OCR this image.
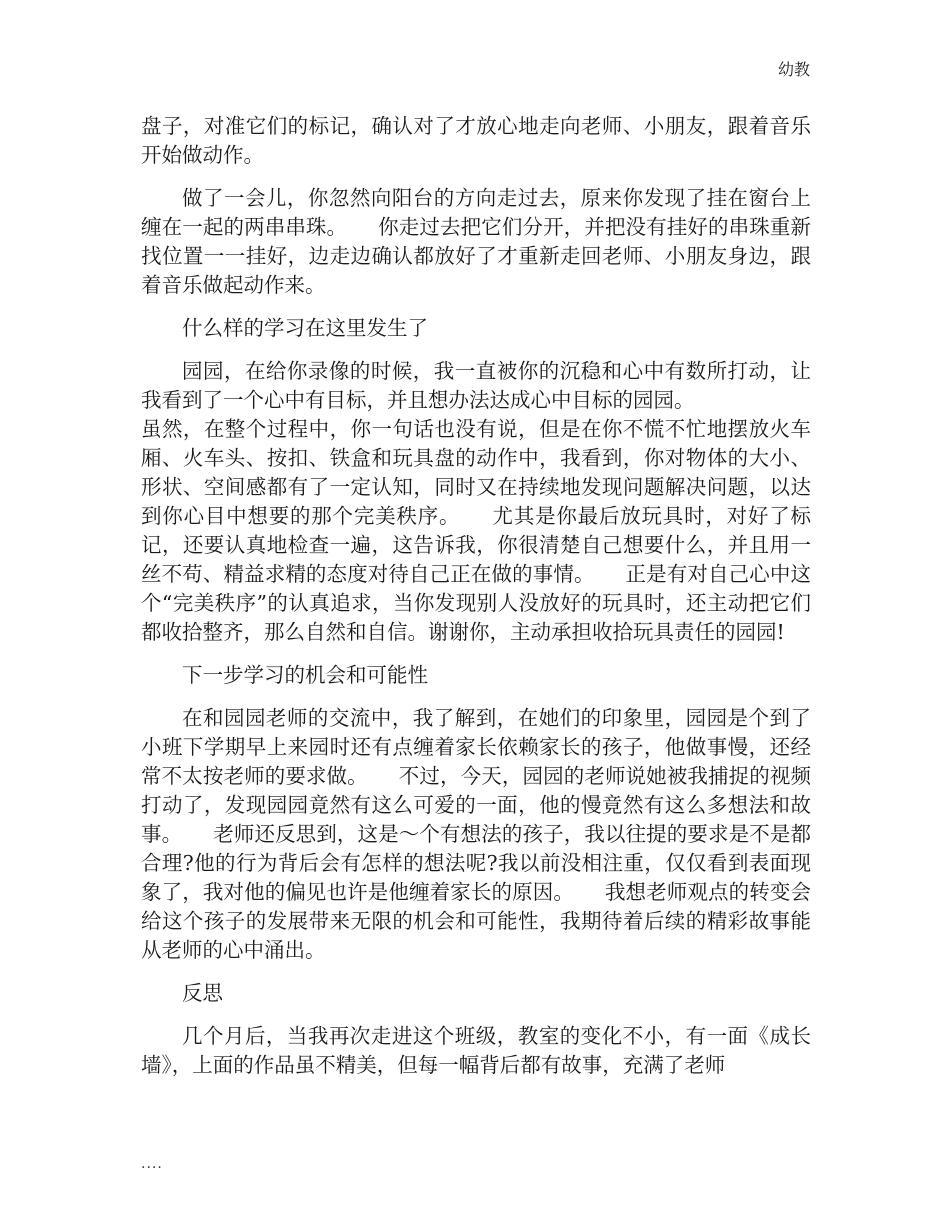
幼教

盘子，对准它们的标记，确认对了才放心地走向老师、小朋友，跟着音乐开始做动作。

做了一会儿，你忽然向阳台的方向走过去，原来你发现了挂在窗台上缠在一起的两串串珠。　　你走过去把它们分开，并把没有挂好的串珠重新找位置一一挂好，边走边确认都放好了才重新走回老师、小朋友身边，跟着音乐做起动作来。

什么样的学习在这里发生了

园园，在给你录像的时候，我一直被你的沉稳和心中有数所打动，让我看到了一个心中有目标，并且想办法达成心中目标的园园。

虽然，在整个过程中，你一句话也没有说，但是在你不慌不忙地摆放火车厢、火车头、按扣、铁盒和玩具盘的动作中，我看到，你对物体的大小、形状、空间感都有了一定认知，同时又在持续地发现问题解决问题，以达到你心目中想要的那个完美秩序。　　尤其是你最后放玩具时，对好了标记，还要认真地检查一遍，这告诉我，你很清楚自己想要什么，并且用一丝不苟、精益求精的态度对待自己正在做的事情。　　正是有对自己心中这个“完美秩序”的认真追求，当你发现别人没放好的玩具时，还主动把它们都收拾整齐，那么自然和自信。谢谢你，主动承担收拾玩具责任的园园!

下一步学习的机会和可能性

在和园园老师的交流中，我了解到，在她们的印象里，园园是个到了小班下学期早上来园时还有点缠着家长依赖家长的孩子，他做事慢，还经常不太按老师的要求做。　　不过，今天，园园的老师说她被我捕捉的视频打动了，发现园园竟然有这么可爱的一面，他的慢竟然有这么多想法和故事。　　老师还反思到，这是～个有想法的孩子，我以往提的要求是不是都合理?他的行为背后会有怎样的想法呢?我以前没相注重，仅仅看到表面现象了，我对他的偏见也许是他缠着家长的原因。　　我想老师观点的转变会给这个孩子的发展带来无限的机会和可能性，我期待着后续的精彩故事能从老师的心中涌出。

反思

几个月后，当我再次走进这个班级，教室的变化不小，有一面《成长墙》，上面的作品虽不精美，但每一幅背后都有故事，充满了老师

....
